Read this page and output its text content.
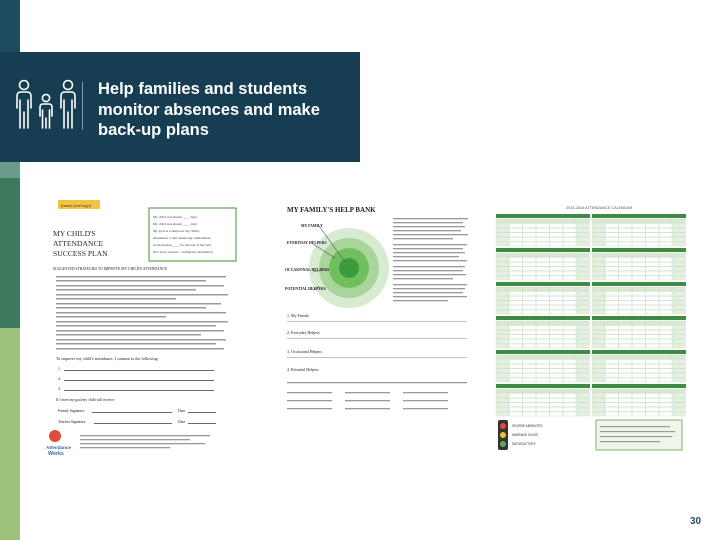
Help families and students monitor absences and make back-up plans
[insert your logo]
MY CHILD'S
ATTENDANCE
SUCCESS PLAN
My child was absent ____ days
My child was absent ____ days
My goal is to improve my child's
attendance. I will ensure my child misses
no more than ____ for the rest of the year
(8 or fewer sessions = satisfactory attendance)
SUGGESTED STRATEGIES TO IMPROVE MY CHILD'S ATTENDANCE
To improve my child's attendance, I commit to the following:
1.
2.
3.
If I meet my goal my child will receive:
Family Signature	Date
Teacher Signature	Date
Attendance
Works
MY FAMILY'S HELP BANK
MY FAMILY
EVERYDAY HELPERS
OCCASIONAL HELPERS
POTENTIAL HELPERS
1. My Family
2. Everyday Helpers
3. Occasional Helpers
4. Potential Helpers
2015-2016 ATTENDANCE CALENDAR
SEVERE ABSENTEE
WARNING SIGNS
SATISFACTORY
30
